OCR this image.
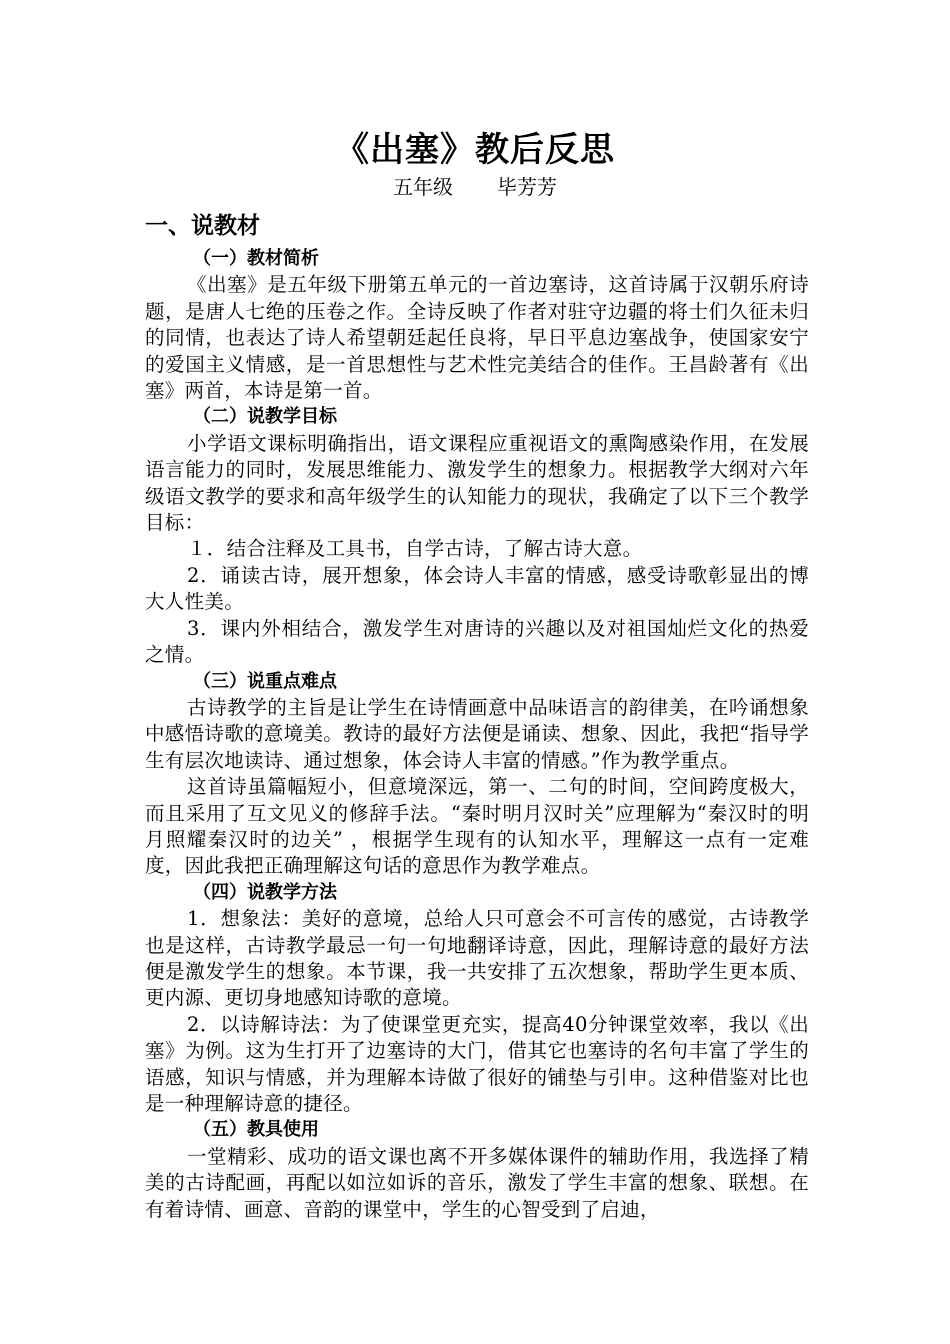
《出塞》教后反思
五年级 毕芳芳
一、说教材
（一）教材简析

《出塞》是五年级下册第五单元的一首边塞诗，这首诗属于汉朝乐府诗题，是唐人七绝的压卷之作。全诗反映了作者对驻守边疆的将士们久征未归的同情，也表达了诗人希望朝廷起任良将，早日平息边塞战争，使国家安宁的爱国主义情感，是一首思想性与艺术性完美结合的佳作。王昌龄著有《出塞》两首，本诗是第一首。

（二）说教学目标

小学语文课标明确指出，语文课程应重视语文的熏陶感染作用，在发展语言能力的同时，发展思维能力、激发学生的想象力。根据教学大纲对六年级语文教学的要求和高年级学生的认知能力的现状，我确定了以下三个教学目标：

１．结合注释及工具书，自学古诗，了解古诗大意。

2．诵读古诗，展开想象，体会诗人丰富的情感，感受诗歌彰显出的博大人性美。

3．课内外相结合，激发学生对唐诗的兴趣以及对祖国灿烂文化的热爱之情。

（三）说重点难点

古诗教学的主旨是让学生在诗情画意中品味语言的韵律美，在吟诵想象中感悟诗歌的意境美。教诗的最好方法便是诵读、想象、因此，我把“指导学生有层次地读诗、通过想象，体会诗人丰富的情感。”作为教学重点。

这首诗虽篇幅短小，但意境深远，第一、二句的时间，空间跨度极大，而且采用了互文见义的修辞手法。“秦时明月汉时关”应理解为“秦汉时的明月照耀秦汉时的边关” ，根据学生现有的认知水平，理解这一点有一定难度，因此我把正确理解这句话的意思作为教学难点。

（四）说教学方法

1．想象法：美好的意境，总给人只可意会不可言传的感觉，古诗教学也是这样，古诗教学最忌一句一句地翻译诗意，因此，理解诗意的最好方法便是激发学生的想象。本节课，我一共安排了五次想象，帮助学生更本质、更内源、更切身地感知诗歌的意境。

2．以诗解诗法：为了使课堂更充实，提高40分钟课堂效率，我以《出塞》为例。这为生打开了边塞诗的大门，借其它也塞诗的名句丰富了学生的语感，知识与情感，并为理解本诗做了很好的铺垫与引申。这种借鉴对比也是一种理解诗意的捷径。

（五）教具使用

一堂精彩、成功的语文课也离不开多媒体课件的辅助作用，我选择了精美的古诗配画，再配以如泣如诉的音乐，激发了学生丰富的想象、联想。在有着诗情、画意、音韵的课堂中，学生的心智受到了启迪，
